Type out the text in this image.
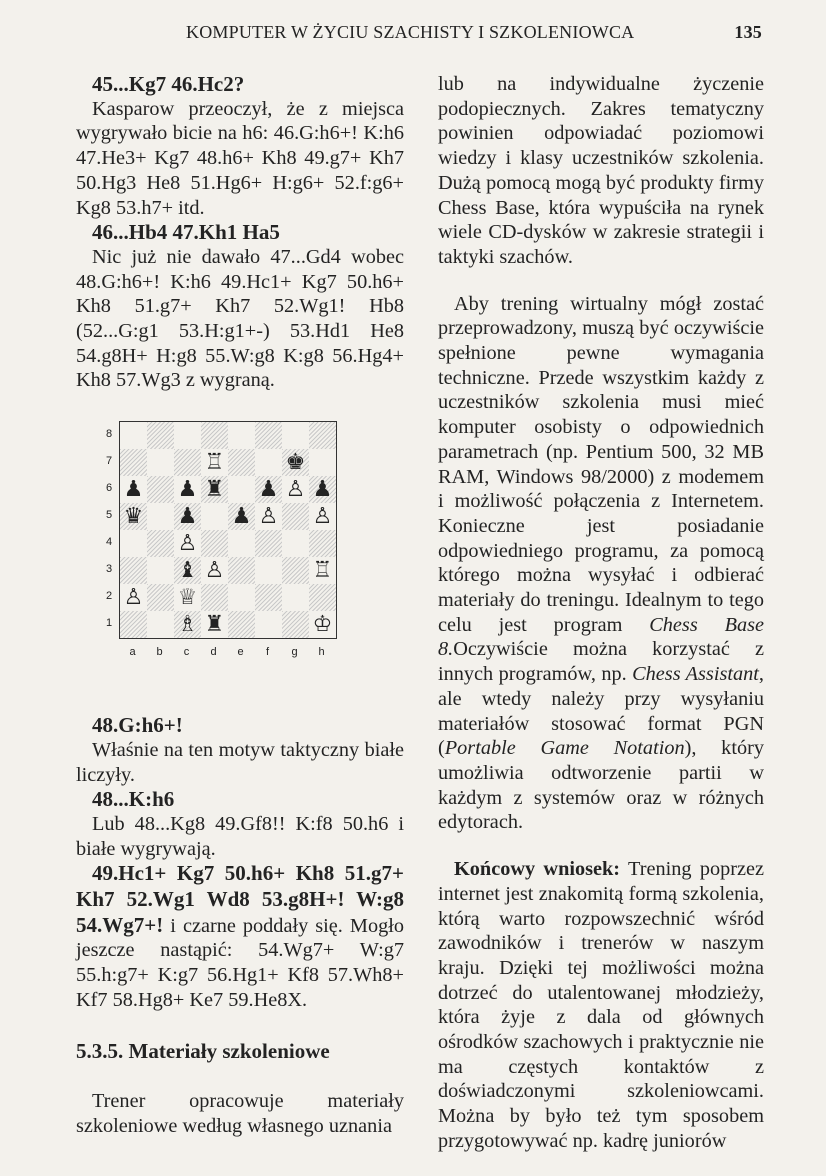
KOMPUTER W ŻYCIU SZACHISTY I SZKOLENIOWCA	135

45...Kg7 46.Hc2?

Kasparow przeoczył, że z miejsca wygrywało bicie na h6: 46.G:h6+! K:h6 47.He3+ Kg7 48.h6+ Kh8 49.g7+ Kh7 50.Hg3 He8 51.Hg6+ H:g6+ 52.f:g6+ Kg8 53.h7+ itd.

46...Hb4 47.Kh1 Ha5

Nic już nie dawało 47...Gd4 wobec 48.G:h6+! K:h6 49.Hc1+ Kg7 50.h6+ Kh8 51.g7+ Kh7 52.Wg1! Hb8 (52...G:g1 53.H:g1+-) 53.Hd1 He8 54.g8H+ H:g8 55.W:g8 K:g8 56.Hg4+ Kh8 57.Wg3 z wygraną.

8
7
6
5
4
3
2
1
♖	♚
♟ ♟ ♜ ♟ ♙ ♟
♛ ♟ ♟ ♙ ♙
♙
♝ ♙	♖
♙ ♕
♗ ♜	♔
a	b	c	d	e	f	g	h

48.G:h6+!

Właśnie na ten motyw taktyczny białe liczyły.

48...K:h6

Lub 48...Kg8 49.Gf8!! K:f8 50.h6 i białe wygrywają.

49.Hc1+ Kg7 50.h6+ Kh8 51.g7+ Kh7 52.Wg1 Wd8 53.g8H+! W:g8 54.Wg7+! i czarne poddały się. Mogło jeszcze nastąpić: 54.Wg7+ W:g7 55.h:g7+ K:g7 56.Hg1+ Kf8 57.Wh8+ Kf7 58.Hg8+ Ke7 59.He8X.

5.3.5. Materiały szkoleniowe

Trener opracowuje materiały szkoleniowe według własnego uznania

lub na indywidualne życzenie podopiecznych. Zakres tematyczny powinien odpowiadać poziomowi wiedzy i klasy uczestników szkolenia. Dużą pomocą mogą być produkty firmy Chess Base, która wypuściła na rynek wiele CD-dysków w zakresie strategii i taktyki szachów.

Aby trening wirtualny mógł zostać przeprowadzony, muszą być oczywiście spełnione pewne wymagania techniczne. Przede wszystkim każdy z uczestników szkolenia musi mieć komputer osobisty o odpowiednich parametrach (np. Pentium 500, 32 MB RAM, Windows 98/2000) z modemem i możliwość połączenia z Internetem. Konieczne jest posiadanie odpowiedniego programu, za pomocą którego można wysyłać i odbierać materiały do treningu. Idealnym to tego celu jest program Chess Base 8.Oczywiście można korzystać z innych programów, np. Chess Assistant, ale wtedy należy przy wysyłaniu materiałów stosować format PGN (Portable Game Notation), który umożliwia odtworzenie partii w każdym z systemów oraz w różnych edytorach.

Końcowy wniosek: Trening poprzez internet jest znakomitą formą szkolenia, którą warto rozpowszechnić wśród zawodników i trenerów w naszym kraju. Dzięki tej możliwości można dotrzeć do utalentowanej młodzieży, która żyje z dala od głównych ośrodków szachowych i praktycznie nie ma częstych kontaktów z doświadczonymi szkoleniowcami. Można by było też tym sposobem przygotowywać np. kadrę juniorów
